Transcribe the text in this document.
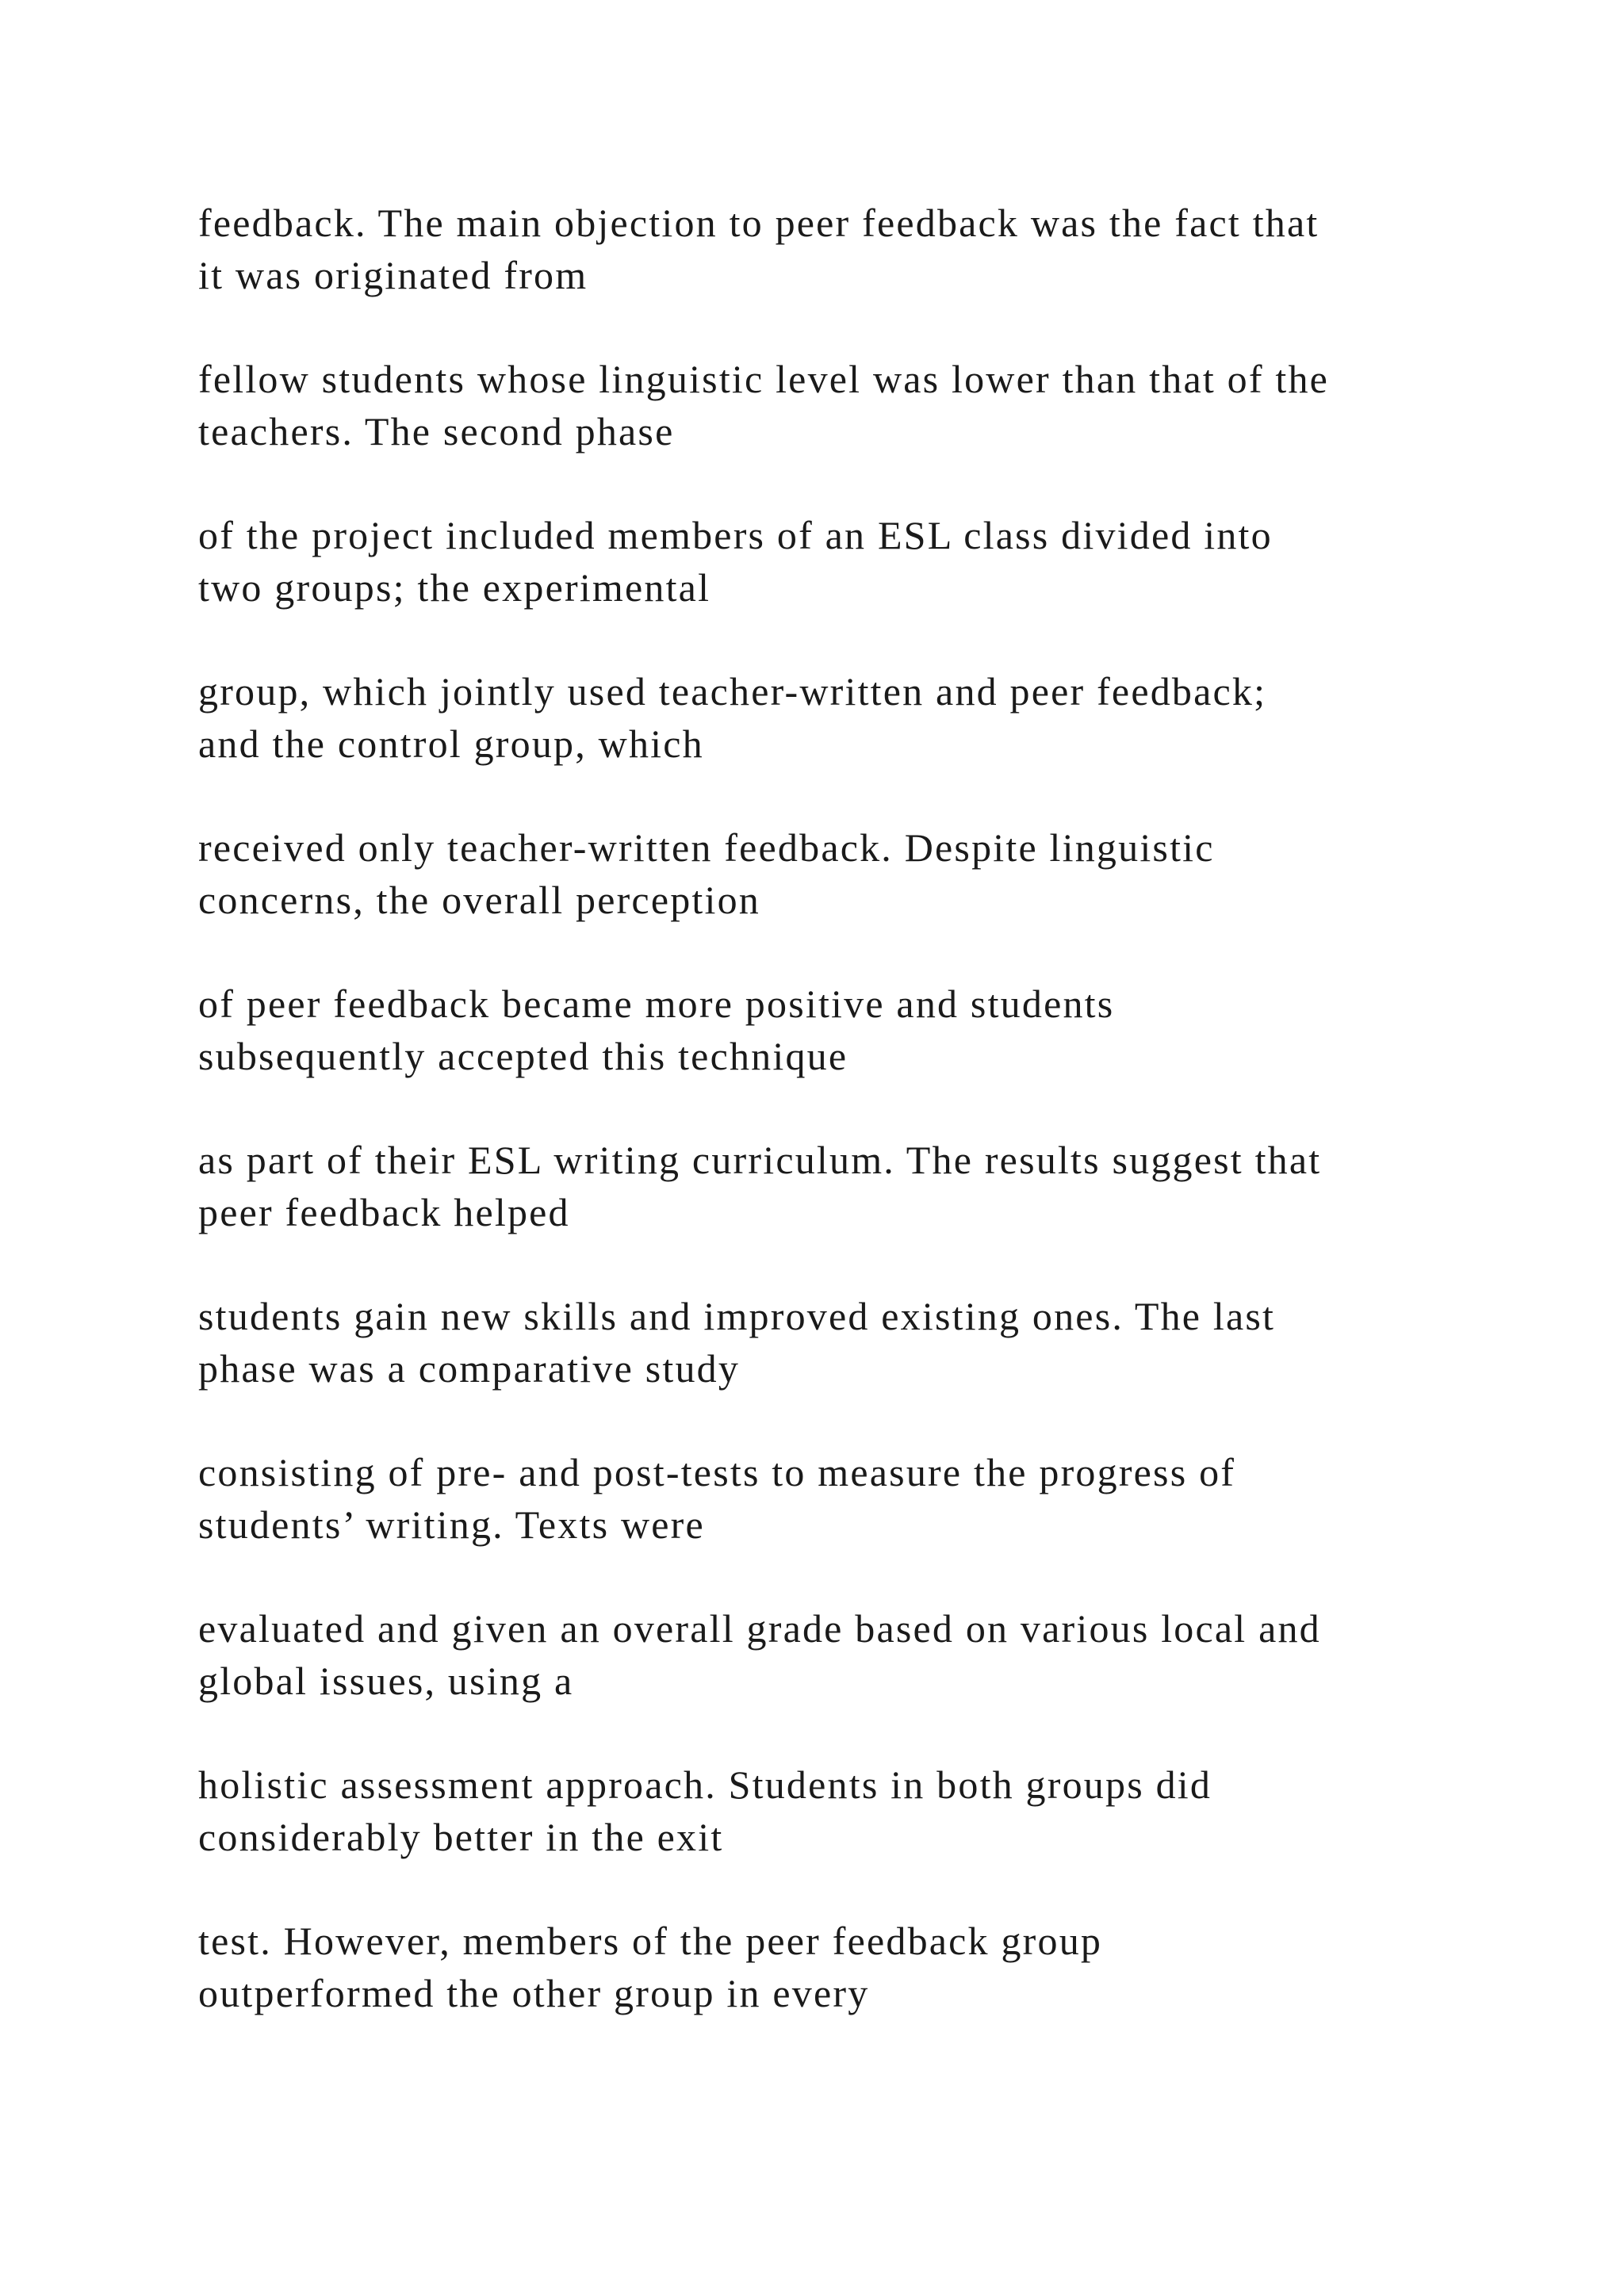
feedback. The main objection to peer feedback was the fact that
it was originated from

fellow students whose linguistic level was lower than that of the
teachers. The second phase

of the project included members of an ESL class divided into
two groups; the experimental

group, which jointly used teacher-written and peer feedback;
and the control group, which

received only teacher-written feedback. Despite linguistic
concerns, the overall perception

of peer feedback became more positive and students
subsequently accepted this technique

as part of their ESL writing curriculum. The results suggest that
peer feedback helped

students gain new skills and improved existing ones. The last
phase was a comparative study

consisting of pre- and post-tests to measure the progress of
students’ writing. Texts were

evaluated and given an overall grade based on various local and
global issues, using a

holistic assessment approach. Students in both groups did
considerably better in the exit

test. However, members of the peer feedback group
outperformed the other group in every
